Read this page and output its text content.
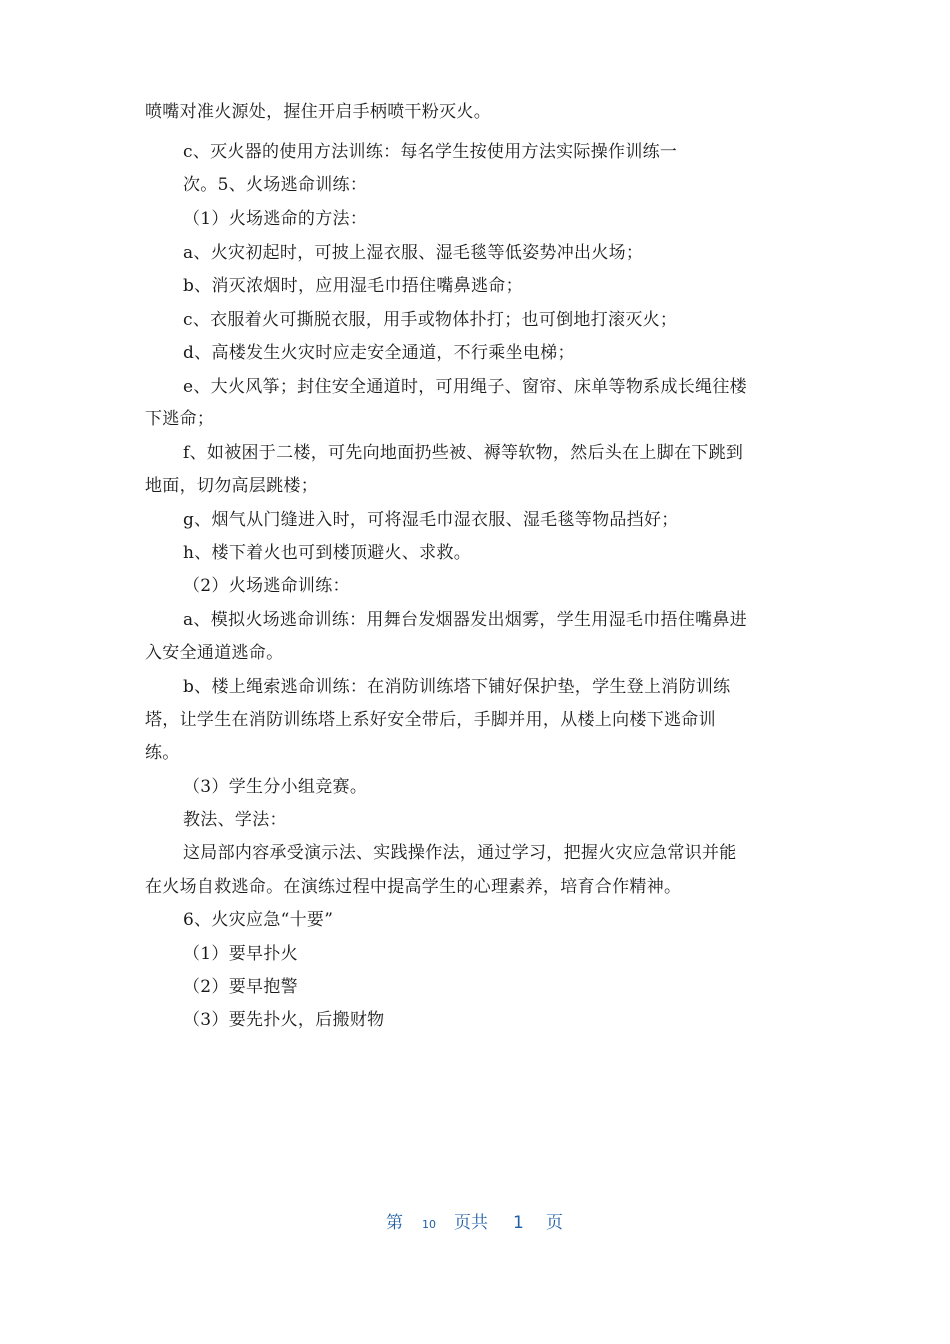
喷嘴对准火源处，握住开启手柄喷干粉灭火。
c、灭火器的使用方法训练：每名学生按使用方法实际操作训练一
次。5、火场逃命训练：
（1）火场逃命的方法：
a、火灾初起时，可披上湿衣服、湿毛毯等低姿势冲出火场；
b、消灭浓烟时，应用湿毛巾捂住嘴鼻逃命；
c、衣服着火可撕脱衣服，用手或物体扑打；也可倒地打滚灭火；
d、高楼发生火灾时应走安全通道，不行乘坐电梯；
e、大火风筝；封住安全通道时，可用绳子、窗帘、床单等物系成长绳往楼
下逃命；
f、如被困于二楼，可先向地面扔些被、褥等软物，然后头在上脚在下跳到
地面，切勿高层跳楼；
g、烟气从门缝进入时，可将湿毛巾湿衣服、湿毛毯等物品挡好；
h、楼下着火也可到楼顶避火、求救。
（2）火场逃命训练：
a、模拟火场逃命训练：用舞台发烟器发出烟雾，学生用湿毛巾捂住嘴鼻进
入安全通道逃命。
b、楼上绳索逃命训练：在消防训练塔下铺好保护垫，学生登上消防训练
塔，让学生在消防训练塔上系好安全带后，手脚并用，从楼上向楼下逃命训
练。
（3）学生分小组竞赛。
教法、学法：
这局部内容承受演示法、实践操作法，通过学习，把握火灾应急常识并能
在火场自救逃命。在演练过程中提高学生的心理素养，培育合作精神。
6、火灾应急“十要”
（1）要早扑火
（2）要早抱警
（3）要先扑火，后搬财物
第 10 页共 1 页
